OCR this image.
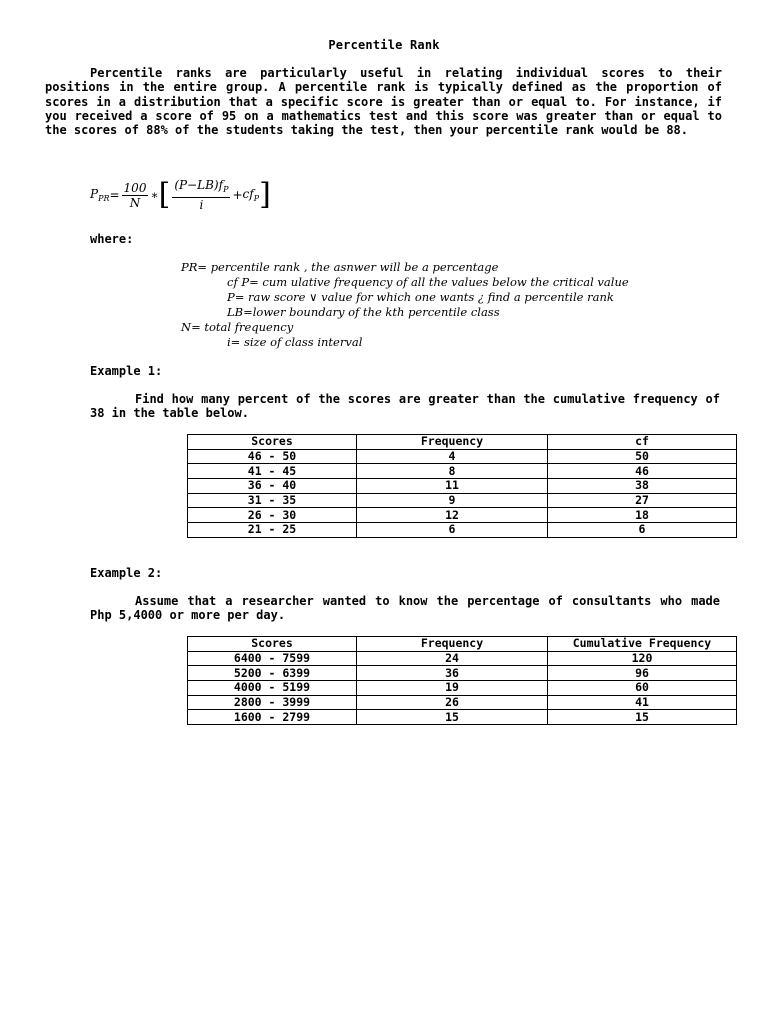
Percentile Rank
Percentile ranks are particularly useful in relating individual scores to their positions in the entire group. A percentile rank is typically defined as the proportion of scores in a distribution that a specific score is greater than or equal to. For instance, if you received a score of 95 on a mathematics test and this score was greater than or equal to the scores of 88% of the students taking the test, then your percentile rank would be 88.
$P_{PR} = \frac{100}{N}$ ∗ [ $\frac{(P-LB)f_P}{i} + cf_P$ ]
where:
PR= percentile rank , the asnwer will be a percentage
cf P= cum ulative frequency of all the values below the critical value
P= raw score ∨ value for which one wants ¿ find a percentile rank
LB=lower boundary of the kth percentile class
N= total frequency
i= size of class interval
Example 1:
Find how many percent of the scores are greater than the cumulative frequency of 38 in the table below.
Scores	Frequency	cf
46 - 50	4	50
41 - 45	8	46
36 - 40	11	38
31 - 35	9	27
26 - 30	12	18
21 - 25	6	6
Example 2:
Assume that a researcher wanted to know the percentage of consultants who made Php 5,4000 or more per day.
Scores	Frequency	Cumulative Frequency
6400 - 7599	24	120
5200 - 6399	36	96
4000 - 5199	19	60
2800 - 3999	26	41
1600 - 2799	15	15
